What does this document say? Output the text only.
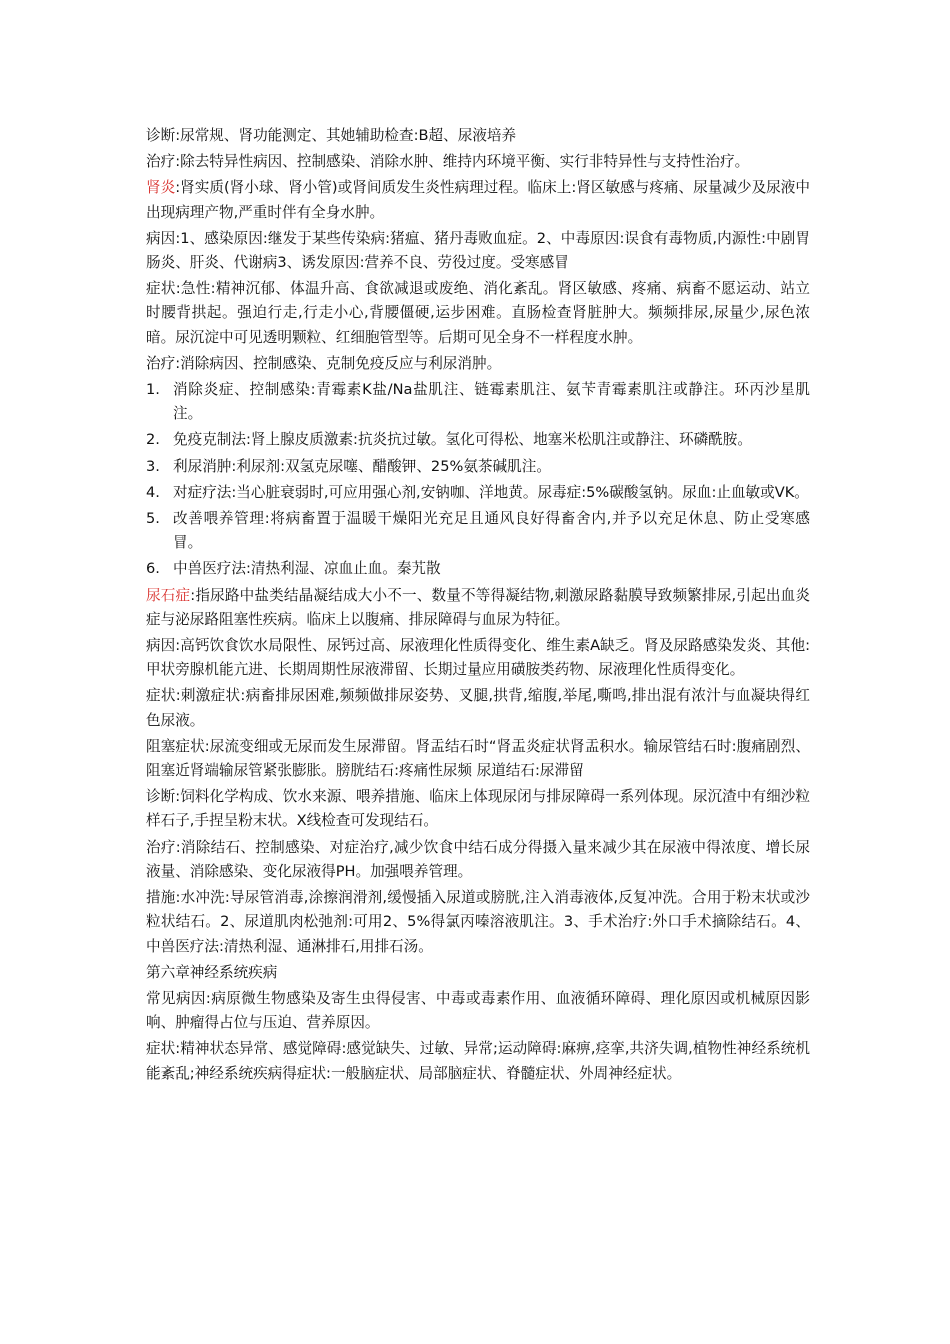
诊断:尿常规、肾功能测定、其她辅助检查:B超、尿液培养

治疗:除去特异性病因、控制感染、消除水肿、维持内环境平衡、实行非特异性与支持性治疗。

肾炎:肾实质(肾小球、肾小管)或肾间质发生炎性病理过程。临床上:肾区敏感与疼痛、尿量减少及尿液中出现病理产物,严重时伴有全身水肿。

病因:1、感染原因:继发于某些传染病:猪瘟、猪丹毒败血症。2、中毒原因:误食有毒物质,内源性:中剧胃肠炎、肝炎、代谢病3、诱发原因:营养不良、劳役过度。受寒感冒

症状:急性:精神沉郁、体温升高、食欲减退或废绝、消化紊乱。肾区敏感、疼痛、病畜不愿运动、站立时腰背拱起。强迫行走,行走小心,背腰僵硬,运步困难。直肠检查肾脏肿大。频频排尿,尿量少,尿色浓暗。尿沉淀中可见透明颗粒、红细胞管型等。后期可见全身不一样程度水肿。

治疗:消除病因、控制感染、克制免疫反应与利尿消肿。

1. 消除炎症、控制感染:青霉素K盐/Na盐肌注、链霉素肌注、氨苄青霉素肌注或静注。环丙沙星肌注。
2. 免疫克制法:肾上腺皮质激素:抗炎抗过敏。氢化可得松、地塞米松肌注或静注、环磷酰胺。
3. 利尿消肿:利尿剂:双氢克尿噻、醋酸钾、25%氨茶碱肌注。
4. 对症疗法:当心脏衰弱时,可应用强心剂,安钠咖、洋地黄。尿毒症:5%碳酸氢钠。尿血:止血敏或VK。
5. 改善喂养管理:将病畜置于温暖干燥阳光充足且通风良好得畜舍内,并予以充足休息、防止受寒感冒。
6. 中兽医疗法:清热利湿、凉血止血。秦艽散

尿石症:指尿路中盐类结晶凝结成大小不一、数量不等得凝结物,刺激尿路黏膜导致频繁排尿,引起出血炎症与泌尿路阻塞性疾病。临床上以腹痛、排尿障碍与血尿为特征。

病因:高钙饮食饮水局限性、尿钙过高、尿液理化性质得变化、维生素A缺乏。肾及尿路感染发炎、其他:甲状旁腺机能亢进、长期周期性尿液滞留、长期过量应用磺胺类药物、尿液理化性质得变化。

症状:刺激症状:病畜排尿困难,频频做排尿姿势、叉腿,拱背,缩腹,举尾,嘶鸣,排出混有浓汁与血凝块得红色尿液。

阻塞症状:尿流变细或无尿而发生尿滞留。肾盂结石时“肾盂炎症状肾盂积水。输尿管结石时:腹痛剧烈、阻塞近肾端输尿管紧张膨胀。膀胱结石:疼痛性尿频 尿道结石:尿滞留

诊断:饲料化学构成、饮水来源、喂养措施、临床上体现尿闭与排尿障碍一系列体现。尿沉渣中有细沙粒样石子,手捏呈粉末状。X线检查可发现结石。

治疗:消除结石、控制感染、对症治疗,减少饮食中结石成分得摄入量来减少其在尿液中得浓度、增长尿液量、消除感染、变化尿液得PH。加强喂养管理。

措施:水冲洗:导尿管消毒,涂擦润滑剂,缓慢插入尿道或膀胱,注入消毒液体,反复冲洗。合用于粉末状或沙粒状结石。2、尿道肌肉松弛剂:可用2、5%得氯丙嗪溶液肌注。3、手术治疗:外口手术摘除结石。4、中兽医疗法:清热利湿、通淋排石,用排石汤。

第六章神经系统疾病

常见病因:病原微生物感染及寄生虫得侵害、中毒或毒素作用、血液循环障碍、理化原因或机械原因影响、肿瘤得占位与压迫、营养原因。

症状:精神状态异常、感觉障碍:感觉缺失、过敏、异常;运动障碍:麻痹,痉挛,共济失调,植物性神经系统机能紊乱;神经系统疾病得症状:一般脑症状、局部脑症状、脊髓症状、外周神经症状。
